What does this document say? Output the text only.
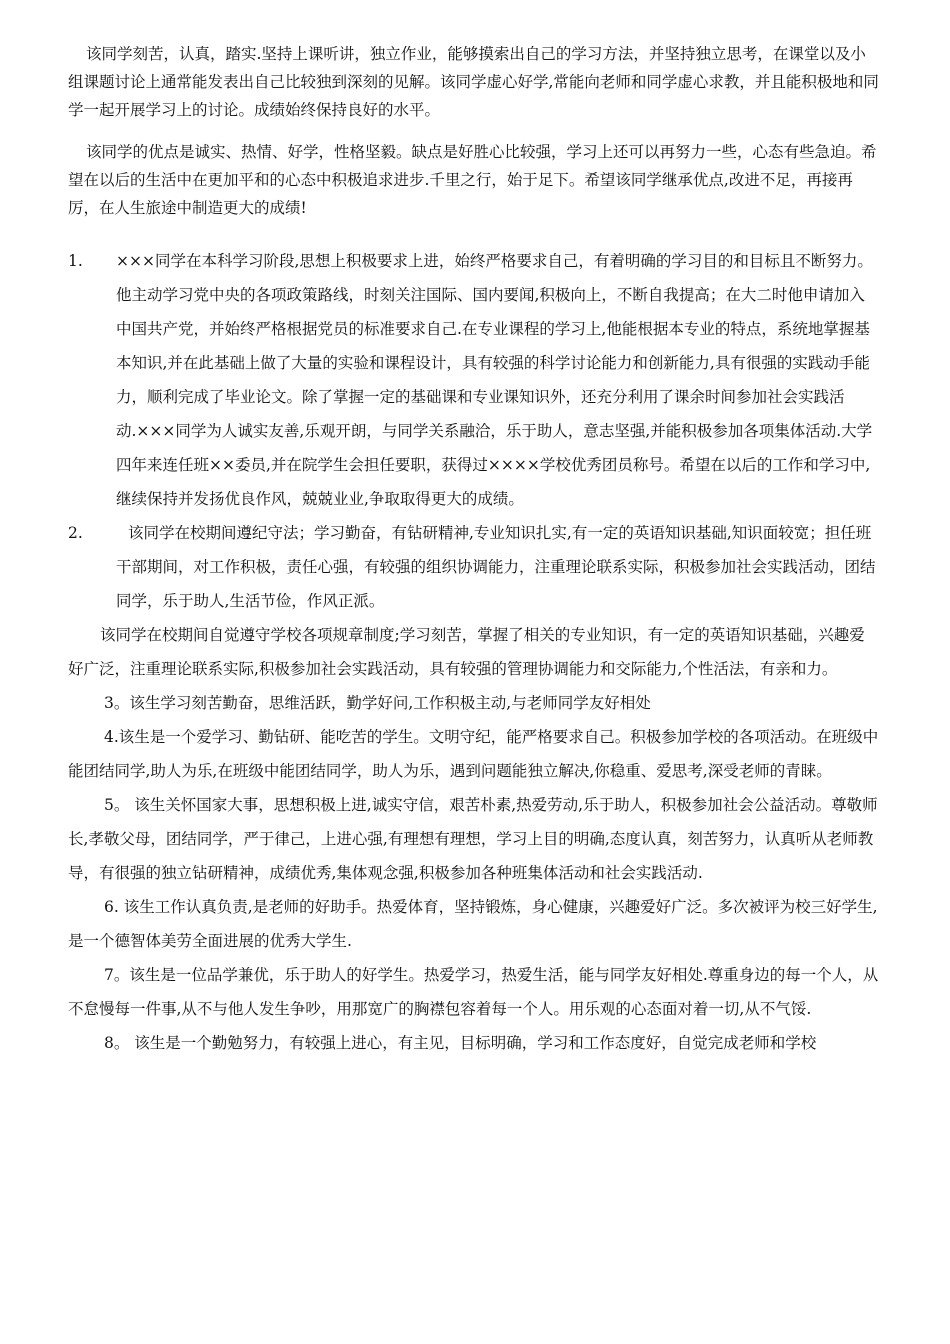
该同学刻苦，认真，踏实.坚持上课听讲，独立作业，能够摸索出自己的学习方法，并坚持独立思考，在课堂以及小组课题讨论上通常能发表出自己比较独到深刻的见解。该同学虚心好学,常能向老师和同学虚心求教，并且能积极地和同学一起开展学习上的讨论。成绩始终保持良好的水平。

该同学的优点是诚实、热情、好学，性格坚毅。缺点是好胜心比较强，学习上还可以再努力一些，心态有些急迫。希望在以后的生活中在更加平和的心态中积极追求进步.千里之行，始于足下。希望该同学继承优点,改进不足，再接再厉，在人生旅途中制造更大的成绩!

1. ×××同学在本科学习阶段,思想上积极要求上进，始终严格要求自己，有着明确的学习目的和目标且不断努力。他主动学习党中央的各项政策路线，时刻关注国际、国内要闻,积极向上，不断自我提高；在大二时他申请加入中国共产党，并始终严格根据党员的标准要求自己.在专业课程的学习上,他能根据本专业的特点，系统地掌握基本知识,并在此基础上做了大量的实验和课程设计，具有较强的科学讨论能力和创新能力,具有很强的实践动手能力，顺利完成了毕业论文。除了掌握一定的基础课和专业课知识外，还充分利用了课余时间参加社会实践活动.×××同学为人诚实友善,乐观开朗，与同学关系融洽，乐于助人，意志坚强,并能积极参加各项集体活动.大学四年来连任班××委员,并在院学生会担任要职，获得过××××学校优秀团员称号。希望在以后的工作和学习中,继续保持并发扬优良作风，兢兢业业,争取取得更大的成绩。

2.	该同学在校期间遵纪守法；学习勤奋，有钻研精神,专业知识扎实,有一定的英语知识基础,知识面较宽；担任班干部期间，对工作积极，责任心强，有较强的组织协调能力，注重理论联系实际，积极参加社会实践活动，团结同学，乐于助人,生活节俭，作风正派。

该同学在校期间自觉遵守学校各项规章制度;学习刻苦，掌握了相关的专业知识，有一定的英语知识基础，兴趣爱好广泛，注重理论联系实际,积极参加社会实践活动，具有较强的管理协调能力和交际能力,个性活法，有亲和力。

3。该生学习刻苦勤奋，思维活跃，勤学好问,工作积极主动,与老师同学友好相处

4.该生是一个爱学习、勤钻研、能吃苦的学生。文明守纪，能严格要求自己。积极参加学校的各项活动。在班级中能团结同学,助人为乐,在班级中能团结同学，助人为乐，遇到问题能独立解决,你稳重、爱思考,深受老师的青睐。

5。 该生关怀国家大事，思想积极上进,诚实守信，艰苦朴素,热爱劳动,乐于助人，积极参加社会公益活动。尊敬师长,孝敬父母，团结同学，严于律己，上进心强,有理想有理想，学习上目的明确,态度认真，刻苦努力，认真听从老师教导，有很强的独立钻研精神，成绩优秀,集体观念强,积极参加各种班集体活动和社会实践活动.

6. 该生工作认真负责,是老师的好助手。热爱体育，坚持锻炼，身心健康，兴趣爱好广泛。多次被评为校三好学生,是一个德智体美劳全面进展的优秀大学生.

7。该生是一位品学兼优，乐于助人的好学生。热爱学习，热爱生活，能与同学友好相处.尊重身边的每一个人，从不怠慢每一件事,从不与他人发生争吵，用那宽广的胸襟包容着每一个人。用乐观的心态面对着一切,从不气馁.

8。 该生是一个勤勉努力，有较强上进心，有主见，目标明确，学习和工作态度好，自觉完成老师和学校
